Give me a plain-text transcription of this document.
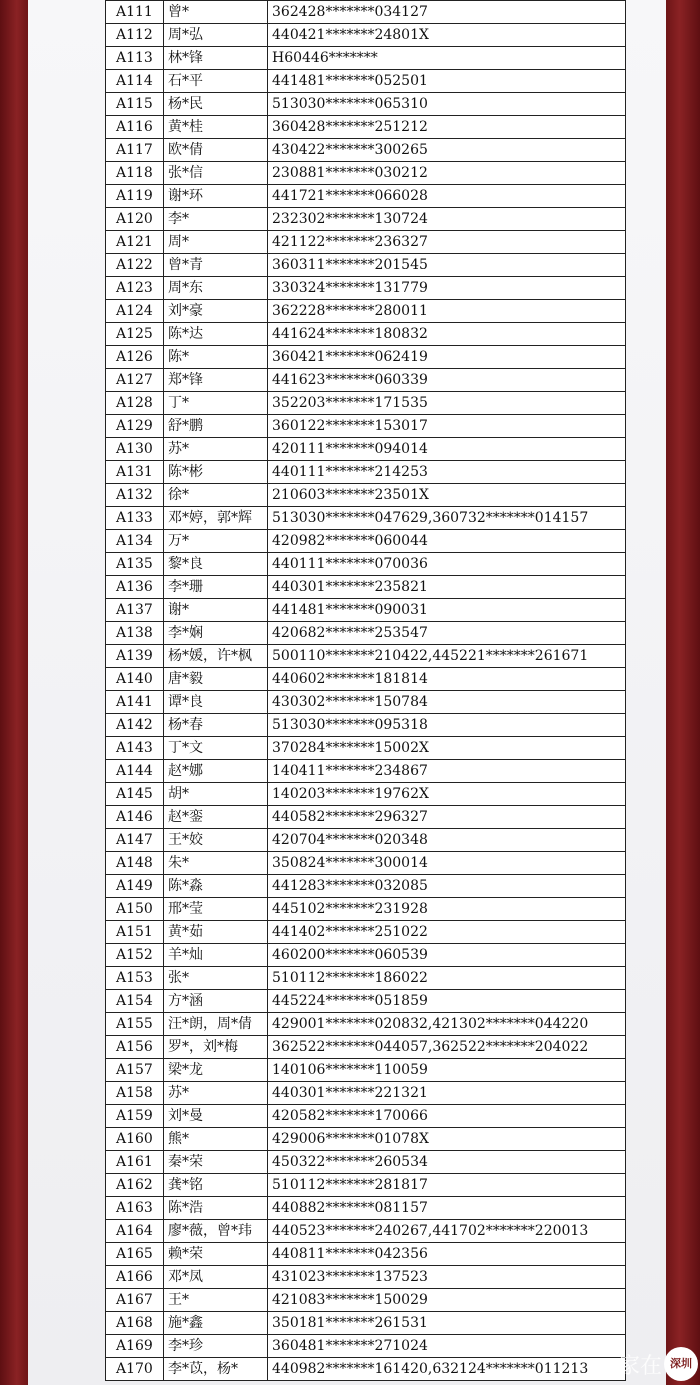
A111	曾*	362428*******034127
A112	周*弘	440421*******24801X
A113	林*锋	H60446*******
A114	石*平	441481*******052501
A115	杨*民	513030*******065310
A116	黄*桂	360428*******251212
A117	欧*倩	430422*******300265
A118	张*信	230881*******030212
A119	谢*环	441721*******066028
A120	李*	232302*******130724
A121	周*	421122*******236327
A122	曾*青	360311*******201545
A123	周*东	330324*******131779
A124	刘*豪	362228*******280011
A125	陈*达	441624*******180832
A126	陈*	360421*******062419
A127	郑*锋	441623*******060339
A128	丁*	352203*******171535
A129	舒*鹏	360122*******153017
A130	苏*	420111*******094014
A131	陈*彬	440111*******214253
A132	徐*	210603*******23501X
A133	邓*婷，郭*辉	513030*******047629,360732*******014157
A134	万*	420982*******060044
A135	黎*良	440111*******070036
A136	李*珊	440301*******235821
A137	谢*	441481*******090031
A138	李*娴	420682*******253547
A139	杨*媛，许*枫	500110*******210422,445221*******261671
A140	唐*毅	440602*******181814
A141	谭*良	430302*******150784
A142	杨*春	513030*******095318
A143	丁*文	370284*******15002X
A144	赵*娜	140411*******234867
A145	胡*	140203*******19762X
A146	赵*銮	440582*******296327
A147	王*姣	420704*******020348
A148	朱*	350824*******300014
A149	陈*淼	441283*******032085
A150	邢*莹	445102*******231928
A151	黄*茹	441402*******251022
A152	羊*灿	460200*******060539
A153	张*	510112*******186022
A154	方*涵	445224*******051859
A155	汪*朗，周*倩	429001*******020832,421302*******044220
A156	罗*，刘*梅	362522*******044057,362522*******204022
A157	梁*龙	140106*******110059
A158	苏*	440301*******221321
A159	刘*曼	420582*******170066
A160	熊*	429006*******01078X
A161	秦*荣	450322*******260534
A162	龚*铭	510112*******281817
A163	陈*浩	440882*******081157
A164	廖*薇，曾*玮	440523*******240267,441702*******220013
A165	赖*荣	440811*******042356
A166	邓*凤	431023*******137523
A167	王*	421083*******150029
A168	施*鑫	350181*******261531
A169	李*珍	360481*******271024
A170	李*苡，杨*	440982*******161420,632124*******011213 家在 深圳
